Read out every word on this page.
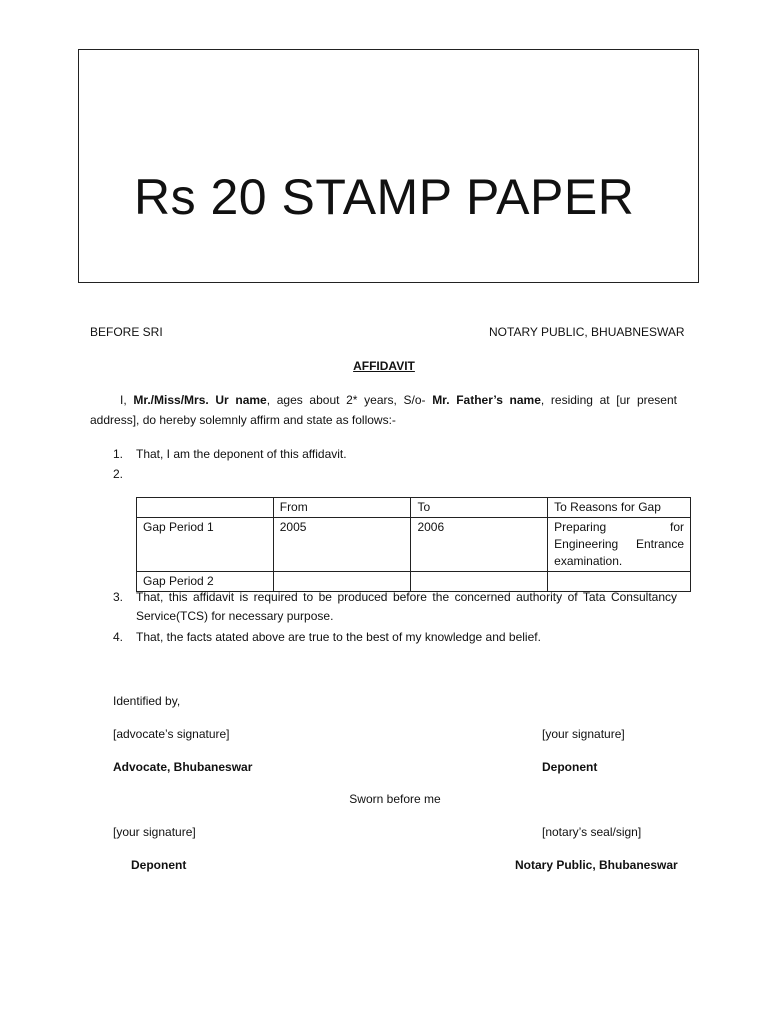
Rs 20 STAMP PAPER
BEFORE SRI	NOTARY PUBLIC, BHUABNESWAR
AFFIDAVIT
I, Mr./Miss/Mrs. Ur name, ages about 2* years, S/o- Mr. Father’s name, residing at [ur present address], do hereby solemnly affirm and state as follows:-
1. That, I am the deponent of this affidavit.
2.
	From	To	To Reasons for Gap
Gap Period 1	2005	2006	Preparing for Engineering Entrance examination.
Gap Period 2			
3. That, this affidavit is required to be produced before the concerned authority of Tata Consultancy Service(TCS) for necessary purpose.
4. That, the facts atated above are true to the best of my knowledge and belief.
Identified by,
[advocate’s signature]	[your signature]
Advocate, Bhubaneswar	Deponent
Sworn before me
[your signature]	[notary’s seal/sign]
Deponent	Notary Public, Bhubaneswar
